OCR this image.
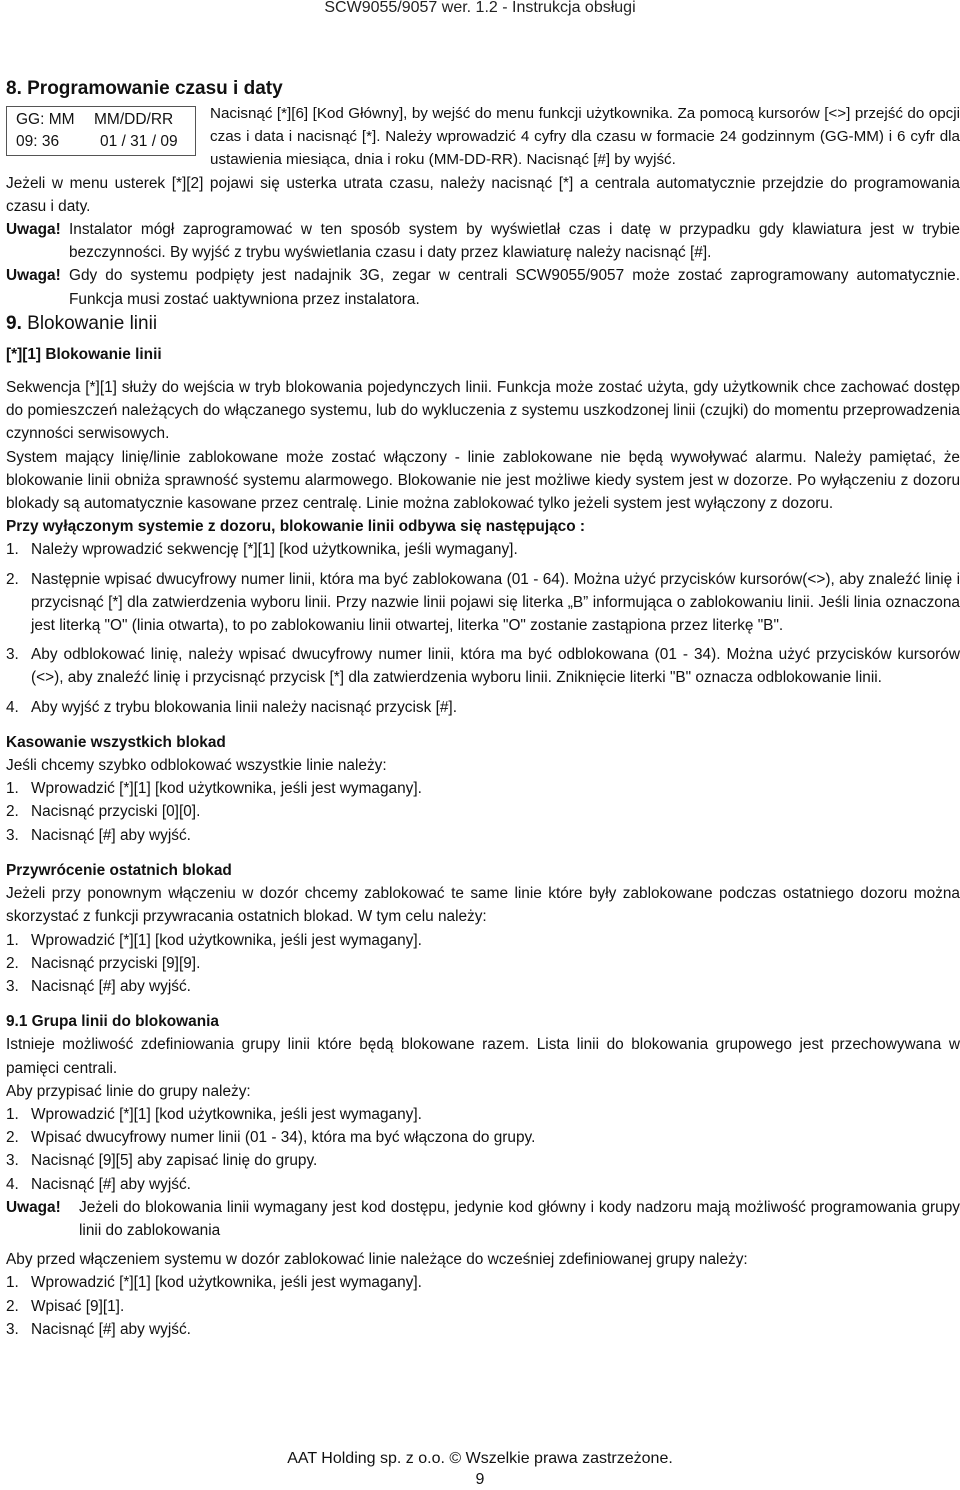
SCW9055/9057 wer. 1.2 - Instrukcja obsługi
8. Programowanie czasu i daty
GG: MM MM/DD/RR
09: 36	01 / 31 / 09

Nacisnąć [*][6] [Kod Główny], by wejść do menu funkcji użytkownika. Za pomocą kursorów [<>] przejść do opcji czas i data i nacisnąć [*]. Należy wprowadzić 4 cyfry dla czasu w formacie 24 godzinnym (GG-MM) i 6 cyfr dla ustawienia miesiąca, dnia i roku (MM-DD-RR). Nacisnąć [#] by wyjść.

Jeżeli w menu usterek [*][2] pojawi się usterka utrata czasu, należy nacisnąć [*] a centrala automatycznie przejdzie do programowania czasu i daty.

Uwaga! Instalator mógł zaprogramować w ten sposób system by wyświetlał czas i datę w przypadku gdy klawiatura jest w trybie bezczynności. By wyjść z trybu wyświetlania czasu i daty przez klawiaturę należy nacisnąć [#].
Uwaga! Gdy do systemu podpięty jest nadajnik 3G, zegar w centrali SCW9055/9057 może zostać zaprogramowany automatycznie. Funkcja musi zostać uaktywniona przez instalatora.
9. Blokowanie linii

[*][1] Blokowanie linii

Sekwencja [*][1] służy do wejścia w tryb blokowania pojedynczych linii. Funkcja może zostać użyta, gdy użytkownik chce zachować dostęp do pomieszczeń należących do włączanego systemu, lub do wykluczenia z systemu uszkodzonej linii (czujki) do momentu przeprowadzenia czynności serwisowych.

System mający linię/linie zablokowane może zostać włączony - linie zablokowane nie będą wywoływać alarmu. Należy pamiętać, że blokowanie linii obniża sprawność systemu alarmowego. Blokowanie nie jest możliwe kiedy system jest w dozorze. Po wyłączeniu z dozoru blokady są automatycznie kasowane przez centralę. Linie można zablokować tylko jeżeli system jest wyłączony z dozoru.

Przy wyłączonym systemie z dozoru, blokowanie linii odbywa się następująco :

1. Należy wprowadzić sekwencję [*][1] [kod użytkownika, jeśli wymagany].
2. Następnie wpisać dwucyfrowy numer linii, która ma być zablokowana (01 - 64). Można użyć przycisków kursorów(<>), aby znaleźć linię i przycisnąć [*] dla zatwierdzenia wyboru linii. Przy nazwie linii pojawi się literka „B” informująca o zablokowaniu linii. Jeśli linia oznaczona jest literką "O" (linia otwarta), to po zablokowaniu linii otwartej, literka "O" zostanie zastąpiona przez literkę "B".
3. Aby odblokować linię, należy wpisać dwucyfrowy numer linii, która ma być odblokowana (01 - 34). Można użyć przycisków kursorów (<>), aby znaleźć linię i przycisnąć przycisk [*] dla zatwierdzenia wyboru linii. Zniknięcie literki "B" oznacza odblokowanie linii.
4. Aby wyjść z trybu blokowania linii należy nacisnąć przycisk [#].

Kasowanie wszystkich blokad

Jeśli chcemy szybko odblokować wszystkie linie należy:

1. Wprowadzić [*][1] [kod użytkownika, jeśli jest wymagany].
2. Nacisnąć przyciski [0][0].
3. Nacisnąć [#] aby wyjść.

Przywrócenie ostatnich blokad

Jeżeli przy ponownym włączeniu w dozór chcemy zablokować te same linie które były zablokowane podczas ostatniego dozoru można skorzystać z funkcji przywracania ostatnich blokad. W tym celu należy:

1. Wprowadzić [*][1] [kod użytkownika, jeśli jest wymagany].
2. Nacisnąć przyciski [9][9].
3. Nacisnąć [#] aby wyjść.

9.1 Grupa linii do blokowania

Istnieje możliwość zdefiniowania grupy linii które będą blokowane razem. Lista linii do blokowania grupowego jest przechowywana w pamięci centrali.

Aby przypisać linie do grupy należy:

1. Wprowadzić [*][1] [kod użytkownika, jeśli jest wymagany].
2. Wpisać dwucyfrowy numer linii (01 - 34), która ma być włączona do grupy.
3. Nacisnąć [9][5] aby zapisać linię do grupy.
4. Nacisnąć [#] aby wyjść.
Uwaga! Jeżeli do blokowania linii wymagany jest kod dostępu, jedynie kod główny i kody nadzoru mają możliwość programowania grupy linii do zablokowania

Aby przed włączeniem systemu w dozór zablokować linie należące do wcześniej zdefiniowanej grupy należy:

1. Wprowadzić [*][1] [kod użytkownika, jeśli jest wymagany].
2. Wpisać [9][1].
3. Nacisnąć [#] aby wyjść.
AAT Holding sp. z o.o. © Wszelkie prawa zastrzeżone.
9
